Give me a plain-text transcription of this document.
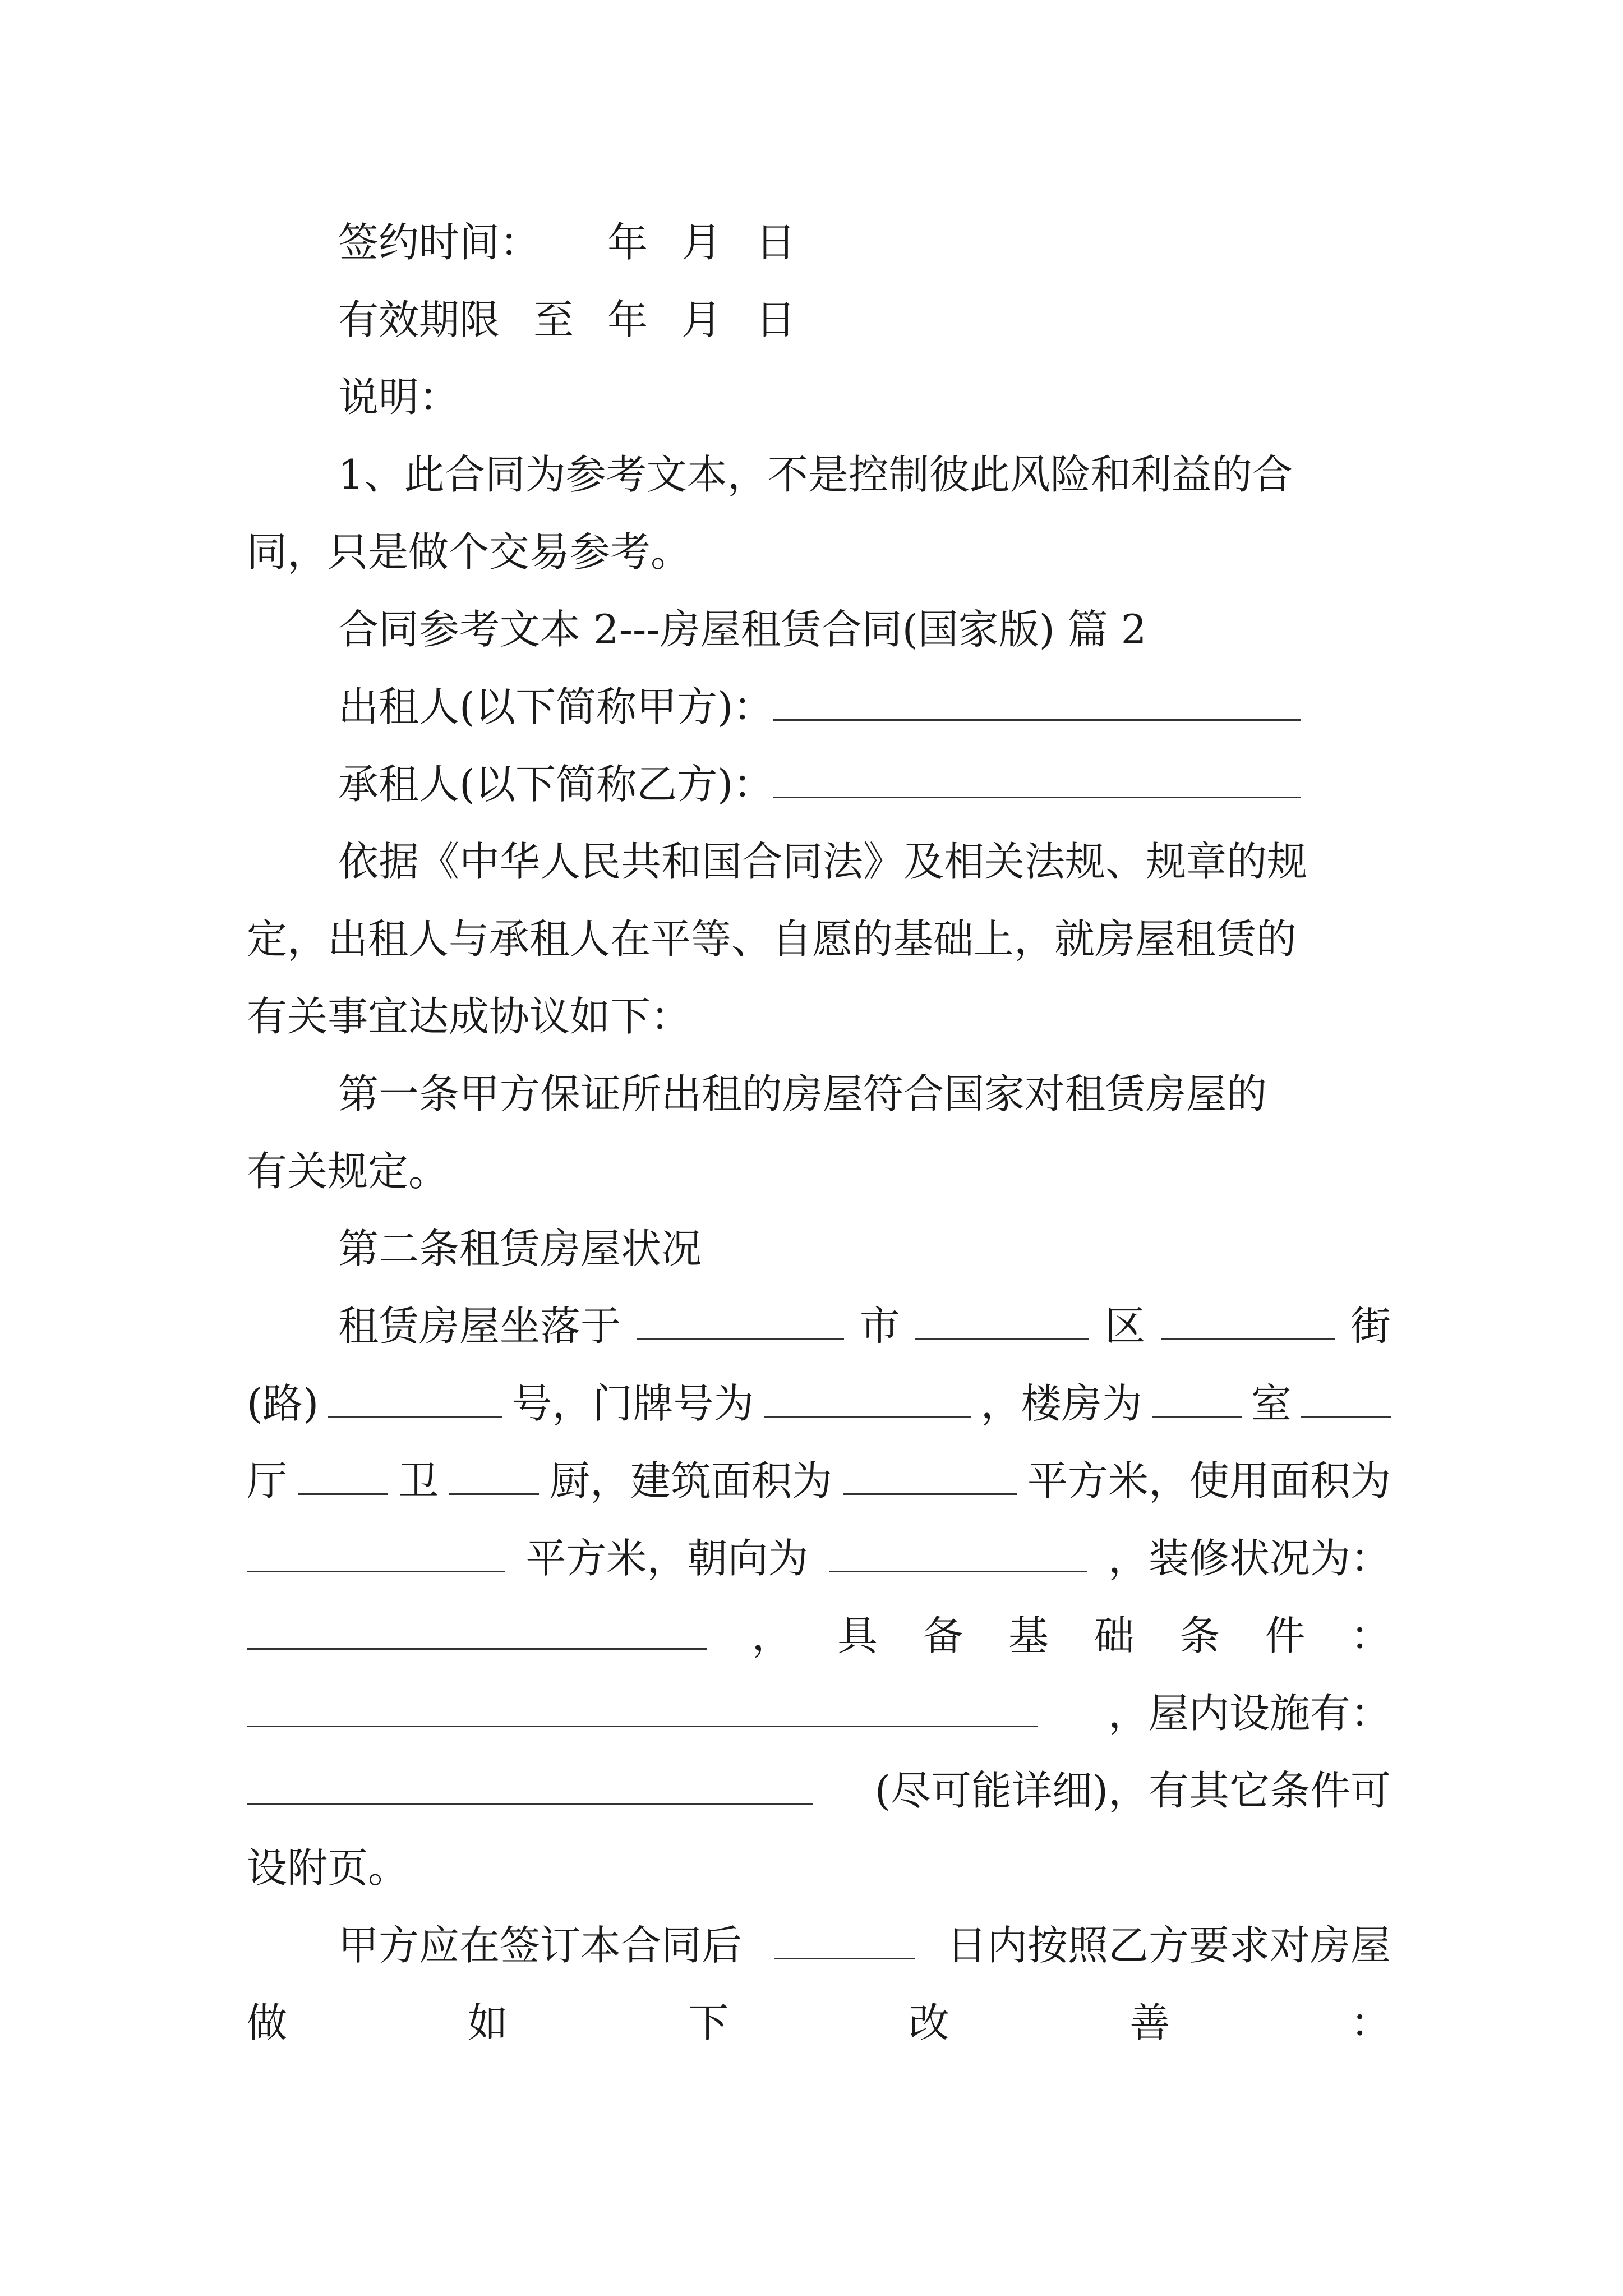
签约时间： 年 月 日
有效期限 至 年 月 日
说明：
1、此合同为参考文本，不是控制彼此风险和利益的合
同，只是做个交易参考。
合同参考文本 2---房屋租赁合同(国家版) 篇 2
出租人(以下简称甲方)：
承租人(以下简称乙方)：
依据《中华人民共和国合同法》及相关法规、规章的规
定，出租人与承租人在平等、自愿的基础上，就房屋租赁的
有关事宜达成协议如下：
第一条甲方保证所出租的房屋符合国家对租赁房屋的
有关规定。
第二条租赁房屋状况
租赁房屋坐落于	市	区	街
(路)	号，门牌号为	，楼房为	室
厅	卫	厨，建筑面积为	平方米，使用面积为
平方米，朝向为	，装修状况为：
， 具 备 基 础 条 件 ：
，屋内设施有：
(尽可能详细)，有其它条件可
设附页。
甲方应在签订本合同后	日内按照乙方要求对房屋
做	如	下	改	善	：
